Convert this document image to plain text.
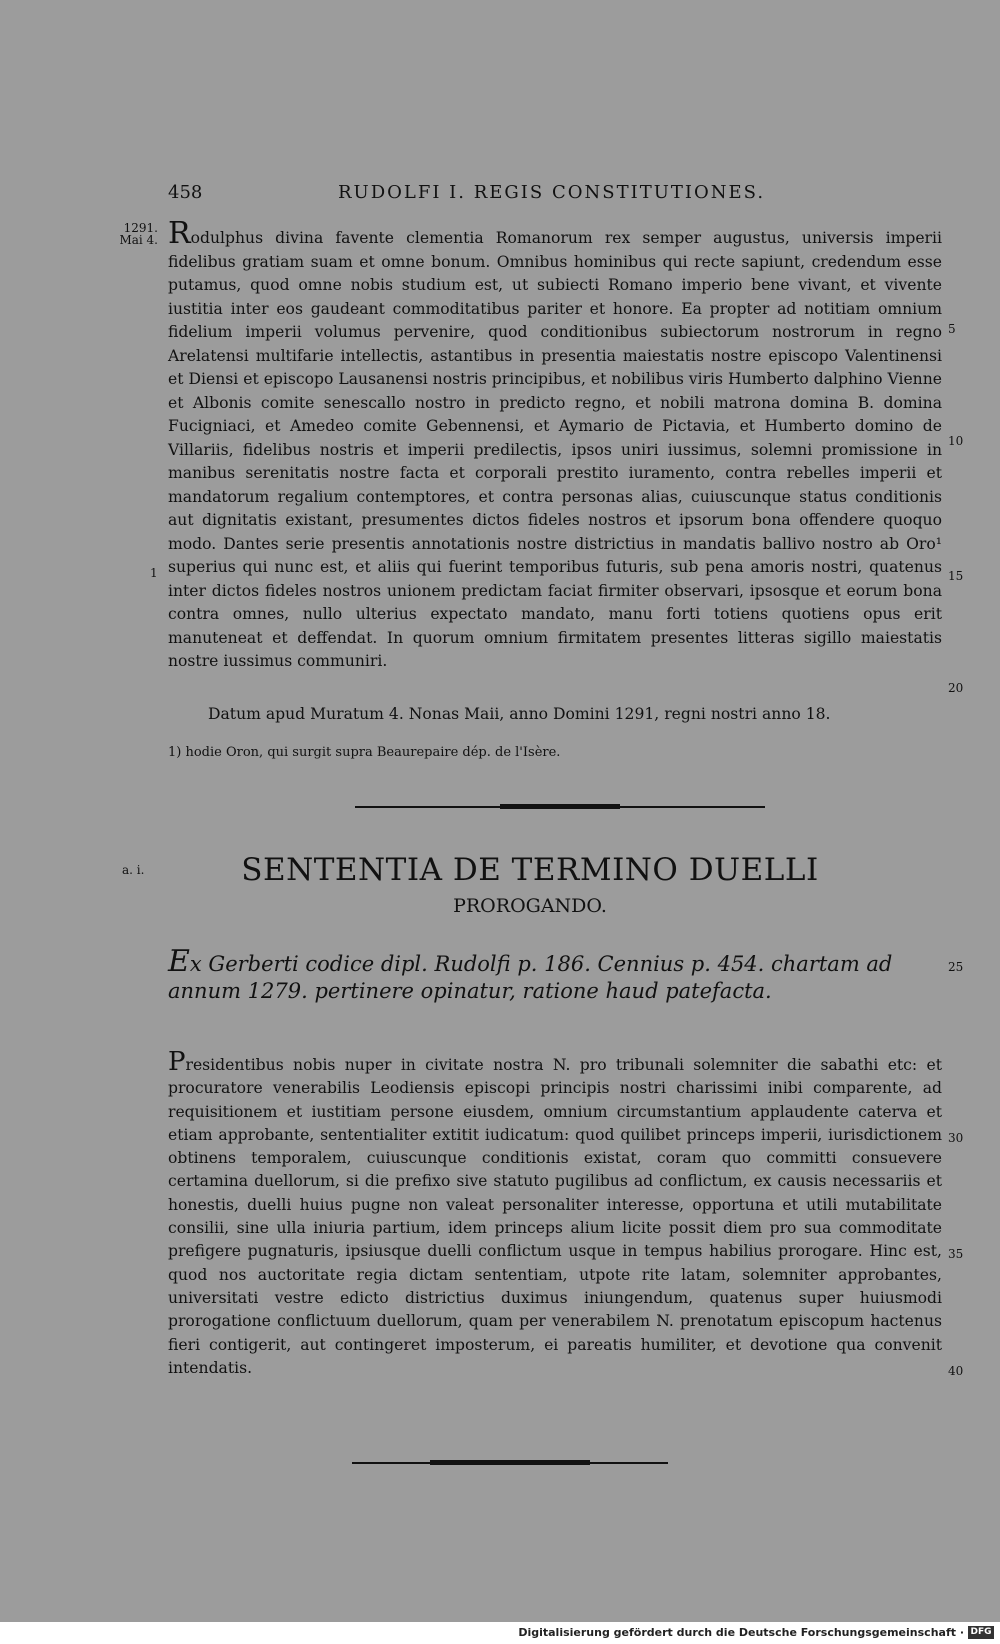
458	RUDOLFI I. REGIS CONSTITUTIONES.
1291.
Mai 4. Rodulphus divina favente clementia Romanorum rex semper augustus, universis imperii fidelibus gratiam suam et omne bonum. Omnibus hominibus qui recte sapiunt, credendum esse putamus, quod omne nobis studium est, ut subiecti Romano imperio bene vivant, et vivente iustitia inter eos gaudeant commoditatibus pariter et honore. Ea propter ad notitiam omnium fidelium imperii volumus pervenire, quod conditionibus subiectorum nostrorum in regno Arelatensi multifarie intellectis, astantibus in presentia maiestatis nostre episcopo Valentinensi et Diensi et episcopo Lausanensi nostris principibus, et nobilibus viris Humberto dalphino Vienne et Albonis comite senescallo nostro in predicto regno, et nobili matrona domina B. domina Fucigniaci, et Amedeo comite Gebennensi, et Aymario de Pictavia, et Humberto domino de Villariis, fidelibus nostris et imperii predilectis, ipsos uniri iussimus, solemni promissione in manibus serenitatis nostre facta et corporali prestito iuramento, contra rebelles imperii et mandatorum regalium contemptores, et contra personas alias, cuiuscunque status conditionis aut dignitatis existant, presumentes dictos fideles nostros et ipsorum bona offendere quoquo modo. Dantes serie presentis annotationis nostre districtius in mandatis ballivo nostro ab Oro¹ superius qui nunc est, et aliis qui fuerint temporibus futuris, sub pena amoris nostri, quatenus inter dictos fideles nostros unionem predictam faciat firmiter observari, ipsosque et eorum bona contra omnes, nullo ulterius expectato mandato, manu forti totiens quotiens opus erit manuteneat et deffendat. In quorum omnium firmitatem presentes litteras sigillo maiestatis nostre iussimus communiri.

Datum apud Muratum 4. Nonas Maii, anno Domini 1291, regni nostri anno 18.
1) hodie Oron, qui surgit supra Beaurepaire dép. de l'Isère.
5
10
15
20
1
a. i.	SENTENTIA DE TERMINO DUELLI
PROROGANDO.
Ex Gerberti codice dipl. Rudolfi p. 186. Cennius p. 454. chartam ad annum 1279. pertinere opinatur, ratione haud patefacta.
Presidentibus nobis nuper in civitate nostra N. pro tribunali solemniter die sabathi etc: et procuratore venerabilis Leodiensis episcopi principis nostri charissimi inibi comparente, ad requisitionem et iustitiam persone eiusdem, omnium circumstantium applaudente caterva et etiam approbante, sententialiter extitit iudicatum: quod quilibet princeps imperii, iurisdictionem obtinens temporalem, cuiuscunque conditionis existat, coram quo committi consuevere certamina duellorum, si die prefixo sive statuto pugilibus ad conflictum, ex causis necessariis et honestis, duelli huius pugne non valeat personaliter interesse, opportuna et utili mutabilitate consilii, sine ulla iniuria partium, idem princeps alium licite possit diem pro sua commoditate prefigere pugnaturis, ipsiusque duelli conflictum usque in tempus habilius prorogare. Hinc est, quod nos auctoritate regia dictam sententiam, utpote rite latam, solemniter approbantes, universitati vestre edicto districtius duximus iniungendum, quatenus super huiusmodi prorogatione conflictuum duellorum, quam per venerabilem N. prenotatum episcopum hactenus fieri contigerit, aut contingeret imposterum, ei pareatis humiliter, et devotione qua convenit intendatis.
25
30
35
40
Digitalisierung gefördert durch die Deutsche Forschungsgemeinschaft · DFG
